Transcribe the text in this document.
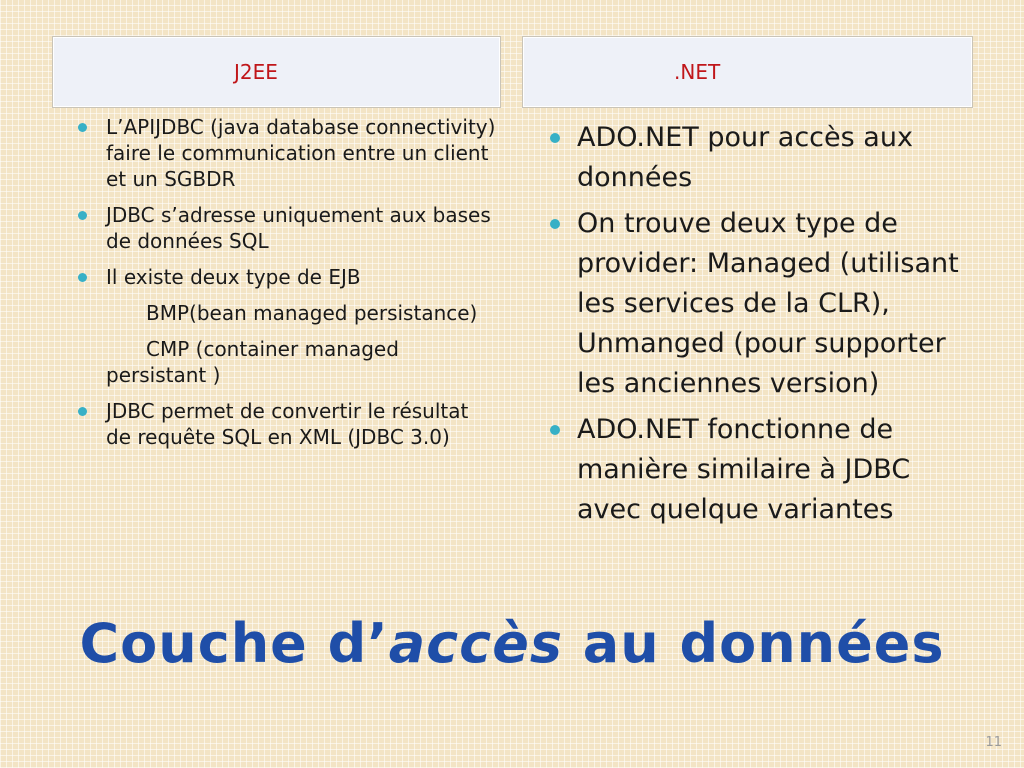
J2EE	.NET
L’APIJDBC (java database connectivity) faire le communication entre un client et un SGBDR
JDBC s’adresse uniquement aux bases de données SQL
Il existe deux type de EJB
BMP(bean managed persistance)
CMP (container managed persistant )
JDBC permet de convertir le résultat de requête SQL en XML (JDBC 3.0)
ADO.NET pour accès aux données
On trouve deux type de provider: Managed (utilisant les services de la CLR), Unmanged (pour supporter les anciennes version)
ADO.NET fonctionne de manière similaire à JDBC avec quelque variantes
Couche d’accès au données
11
